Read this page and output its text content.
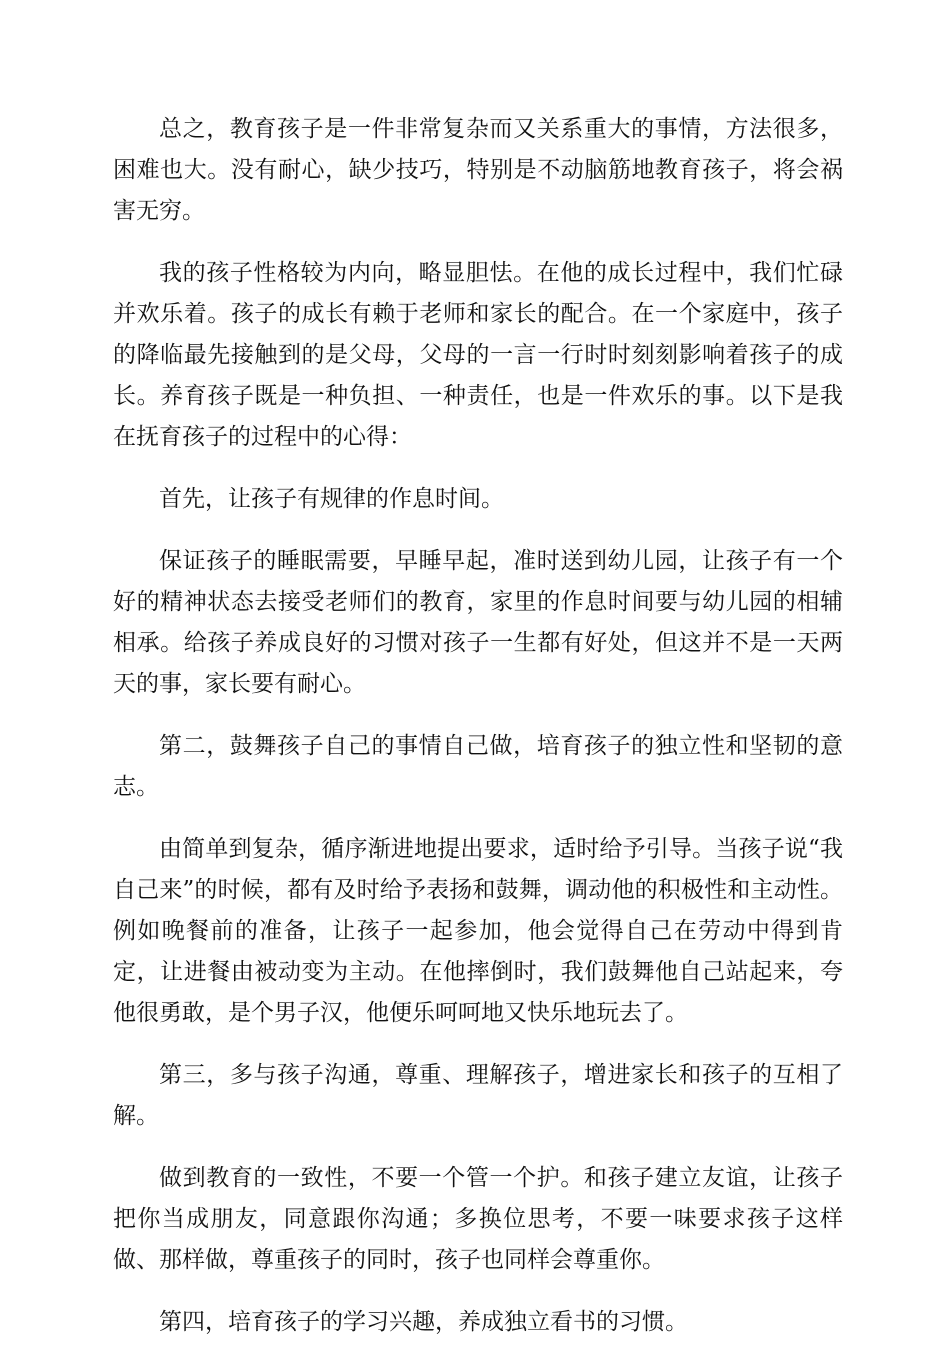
总之，教育孩子是一件非常复杂而又关系重大的事情，方法很多，困难也大。没有耐心，缺少技巧，特别是不动脑筋地教育孩子，将会祸害无穷。

我的孩子性格较为内向，略显胆怯。在他的成长过程中，我们忙碌并欢乐着。孩子的成长有赖于老师和家长的配合。在一个家庭中，孩子的降临最先接触到的是父母，父母的一言一行时时刻刻影响着孩子的成长。养育孩子既是一种负担、一种责任，也是一件欢乐的事。以下是我在抚育孩子的过程中的心得：

首先，让孩子有规律的作息时间。

保证孩子的睡眠需要，早睡早起，准时送到幼儿园，让孩子有一个好的精神状态去接受老师们的教育，家里的作息时间要与幼儿园的相辅相承。给孩子养成良好的习惯对孩子一生都有好处，但这并不是一天两天的事，家长要有耐心。

第二，鼓舞孩子自己的事情自己做，培育孩子的独立性和坚韧的意志。

由简单到复杂，循序渐进地提出要求，适时给予引导。当孩子说“我自己来”的时候，都有及时给予表扬和鼓舞，调动他的积极性和主动性。例如晚餐前的准备，让孩子一起参加，他会觉得自己在劳动中得到肯定，让进餐由被动变为主动。在他摔倒时，我们鼓舞他自己站起来，夸他很勇敢，是个男子汉，他便乐呵呵地又快乐地玩去了。

第三，多与孩子沟通，尊重、理解孩子，增进家长和孩子的互相了解。

做到教育的一致性，不要一个管一个护。和孩子建立友谊，让孩子把你当成朋友，同意跟你沟通；多换位思考，不要一味要求孩子这样做、那样做，尊重孩子的同时，孩子也同样会尊重你。

第四，培育孩子的学习兴趣，养成独立看书的习惯。
